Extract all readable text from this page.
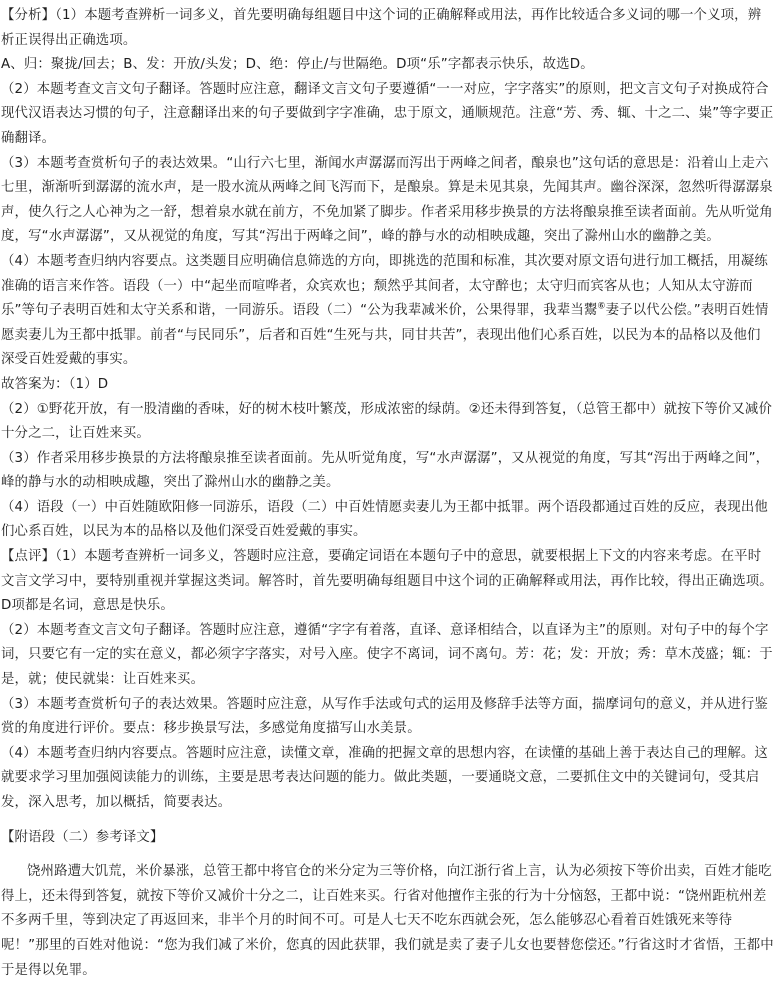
【分析】（1）本题考查辨析一词多义，首先要明确每组题目中这个词的正确解释或用法，再作比较适合多义词的哪一个义项，辨析正误得出正确选项。

A、归：聚拢/回去；B、发：开放/头发；D、绝：停止/与世隔绝。D项“乐”字都表示快乐，故选D。

（2）本题考查文言文句子翻译。答题时应注意，翻译文言文句子要遵循“一一对应，字字落实”的原则，把文言文句子对换成符合现代汉语表达习惯的句子，注意翻译出来的句子要做到字字准确，忠于原文，通顺规范。注意“芳、秀、辄、十之二、粜”等字要正确翻译。

（3）本题考查赏析句子的表达效果。“山行六七里，渐闻水声潺潺而泻出于两峰之间者，酿泉也”这句话的意思是：沿着山上走六七里，渐渐听到潺潺的流水声，是一股水流从两峰之间飞泻而下，是酿泉。算是未见其泉，先闻其声。幽谷深深，忽然听得潺潺泉声，使久行之人心神为之一舒，想着泉水就在前方，不免加紧了脚步。作者采用移步换景的方法将酿泉推至读者面前。先从听觉角度，写“水声潺潺”，又从视觉的角度，写其“泻出于两峰之间”，峰的静与水的动相映成趣，突出了滁州山水的幽静之美。

（4）本题考查归纳内容要点。这类题目应明确信息筛选的方向，即挑选的范围和标准，其次要对原文语句进行加工概括，用凝练准确的语言来作答。语段（一）中“起坐而喧哗者，众宾欢也；颓然乎其间者，太守醉也；太守归而宾客从也；人知从太守游而乐”等句子表明百姓和太守关系和谐，一同游乐。语段（二）“公为我辈减米价，公果得罪，我辈当鬻⑥妻子以代公偿。”表明百姓情愿卖妻儿为王都中抵罪。前者“与民同乐”，后者和百姓“生死与共，同甘共苦”，表现出他们心系百姓，以民为本的品格以及他们深受百姓爱戴的事实。

故答案为：（1）D

（2）①野花开放，有一股清幽的香味，好的树木枝叶繁茂，形成浓密的绿荫。②还未得到答复，（总管王都中）就按下等价又减价十分之二，让百姓来买。

（3）作者采用移步换景的方法将酿泉推至读者面前。先从听觉角度，写“水声潺潺”，又从视觉的角度，写其“泻出于两峰之间”，峰的静与水的动相映成趣，突出了滁州山水的幽静之美。

（4）语段（一）中百姓随欧阳修一同游乐，语段（二）中百姓情愿卖妻儿为王都中抵罪。两个语段都通过百姓的反应，表现出他们心系百姓，以民为本的品格以及他们深受百姓爱戴的事实。

【点评】（1）本题考查辨析一词多义，答题时应注意，要确定词语在本题句子中的意思，就要根据上下文的内容来考虑。在平时文言文学习中，要特别重视并掌握这类词。解答时，首先要明确每组题目中这个词的正确解释或用法，再作比较，得出正确选项。D项都是名词，意思是快乐。

（2）本题考查文言文句子翻译。答题时应注意，遵循“字字有着落，直译、意译相结合，以直译为主”的原则。对句子中的每个字词，只要它有一定的实在意义，都必须字字落实，对号入座。使字不离词，词不离句。芳：花；发：开放；秀：草木茂盛；辄：于是，就；使民就粜：让百姓来买。

（3）本题考查赏析句子的表达效果。答题时应注意，从写作手法或句式的运用及修辞手法等方面，揣摩词句的意义，并从进行鉴赏的角度进行评价。要点：移步换景写法，多感觉角度描写山水美景。

（4）本题考查归纳内容要点。答题时应注意，读懂文章，准确的把握文章的思想内容，在读懂的基础上善于表达自己的理解。这就要求学习里加强阅读能力的训练，主要是思考表达问题的能力。做此类题，一要通晓文意，二要抓住文中的关键词句，受其启发，深入思考，加以概括，简要表达。

【附语段（二）参考译文】

饶州路遭大饥荒，米价暴涨，总管王都中将官仓的米分定为三等价格，向江浙行省上言，认为必须按下等价出卖，百姓才能吃得上，还未得到答复，就按下等价又减价十分之二，让百姓来买。行省对他擅作主张的行为十分恼怒，王都中说：“饶州距杭州差不多两千里，等到决定了再返回来，非半个月的时间不可。可是人七天不吃东西就会死，怎么能够忍心看着百姓饿死来等待呢！”那里的百姓对他说：“您为我们减了米价，您真的因此获罪，我们就是卖了妻子儿女也要替您偿还。”行省这时才省悟，王都中于是得以免罪。
